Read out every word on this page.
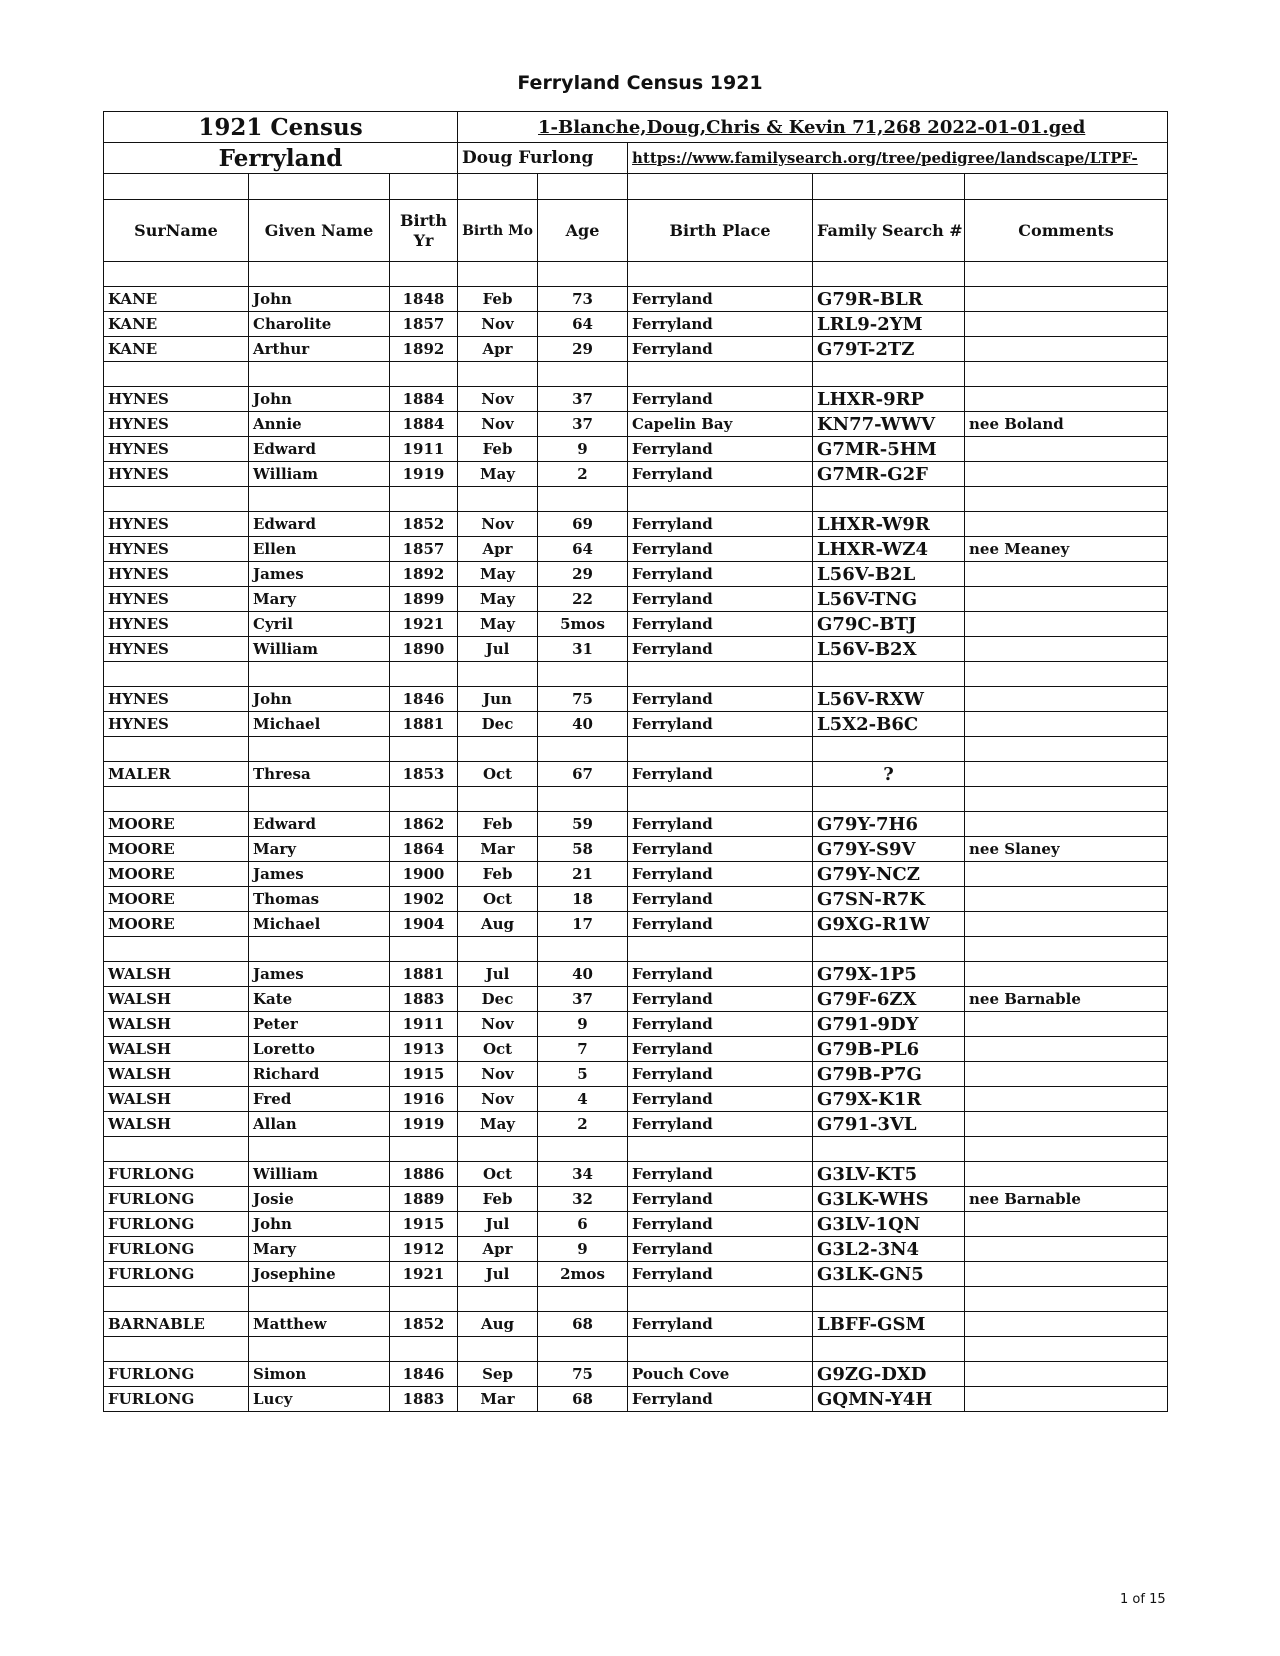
Ferryland Census 1921
1921 Census			1-Blanche,Doug,Chris & Kevin 71,268 2022-01-01.ged				
Ferryland			Doug Furlong		https://www.familysearch.org/tree/pedigree/landscape/LTPF-		

SurName	Given Name	Birth Yr	Birth Mo	Age	Birth Place	Family Search #	Comments

KANE	John	1848	Feb	73	Ferryland	G79R-BLR	
KANE	Charolite	1857	Nov	64	Ferryland	LRL9-2YM	
KANE	Arthur	1892	Apr	29	Ferryland	G79T-2TZ	

HYNES	John	1884	Nov	37	Ferryland	LHXR-9RP	
HYNES	Annie	1884	Nov	37	Capelin Bay	KN77-WWV	nee Boland
HYNES	Edward	1911	Feb	9	Ferryland	G7MR-5HM	
HYNES	William	1919	May	2	Ferryland	G7MR-G2F	

HYNES	Edward	1852	Nov	69	Ferryland	LHXR-W9R	
HYNES	Ellen	1857	Apr	64	Ferryland	LHXR-WZ4	nee Meaney
HYNES	James	1892	May	29	Ferryland	L56V-B2L	
HYNES	Mary	1899	May	22	Ferryland	L56V-TNG	
HYNES	Cyril	1921	May	5mos	Ferryland	G79C-BTJ	
HYNES	William	1890	Jul	31	Ferryland	L56V-B2X	

HYNES	John	1846	Jun	75	Ferryland	L56V-RXW	
HYNES	Michael	1881	Dec	40	Ferryland	L5X2-B6C	

MALER	Thresa	1853	Oct	67	Ferryland	?	

MOORE	Edward	1862	Feb	59	Ferryland	G79Y-7H6	
MOORE	Mary	1864	Mar	58	Ferryland	G79Y-S9V	nee Slaney
MOORE	James	1900	Feb	21	Ferryland	G79Y-NCZ	
MOORE	Thomas	1902	Oct	18	Ferryland	G7SN-R7K	
MOORE	Michael	1904	Aug	17	Ferryland	G9XG-R1W	

WALSH	James	1881	Jul	40	Ferryland	G79X-1P5	
WALSH	Kate	1883	Dec	37	Ferryland	G79F-6ZX	nee Barnable
WALSH	Peter	1911	Nov	9	Ferryland	G791-9DY	
WALSH	Loretto	1913	Oct	7	Ferryland	G79B-PL6	
WALSH	Richard	1915	Nov	5	Ferryland	G79B-P7G	
WALSH	Fred	1916	Nov	4	Ferryland	G79X-K1R	
WALSH	Allan	1919	May	2	Ferryland	G791-3VL	

FURLONG	William	1886	Oct	34	Ferryland	G3LV-KT5	
FURLONG	Josie	1889	Feb	32	Ferryland	G3LK-WHS	nee Barnable
FURLONG	John	1915	Jul	6	Ferryland	G3LV-1QN	
FURLONG	Mary	1912	Apr	9	Ferryland	G3L2-3N4	
FURLONG	Josephine	1921	Jul	2mos	Ferryland	G3LK-GN5	

BARNABLE	Matthew	1852	Aug	68	Ferryland	LBFF-GSM	

FURLONG	Simon	1846	Sep	75	Pouch Cove	G9ZG-DXD	
FURLONG	Lucy	1883	Mar	68	Ferryland	GQMN-Y4H	
1 of 15
